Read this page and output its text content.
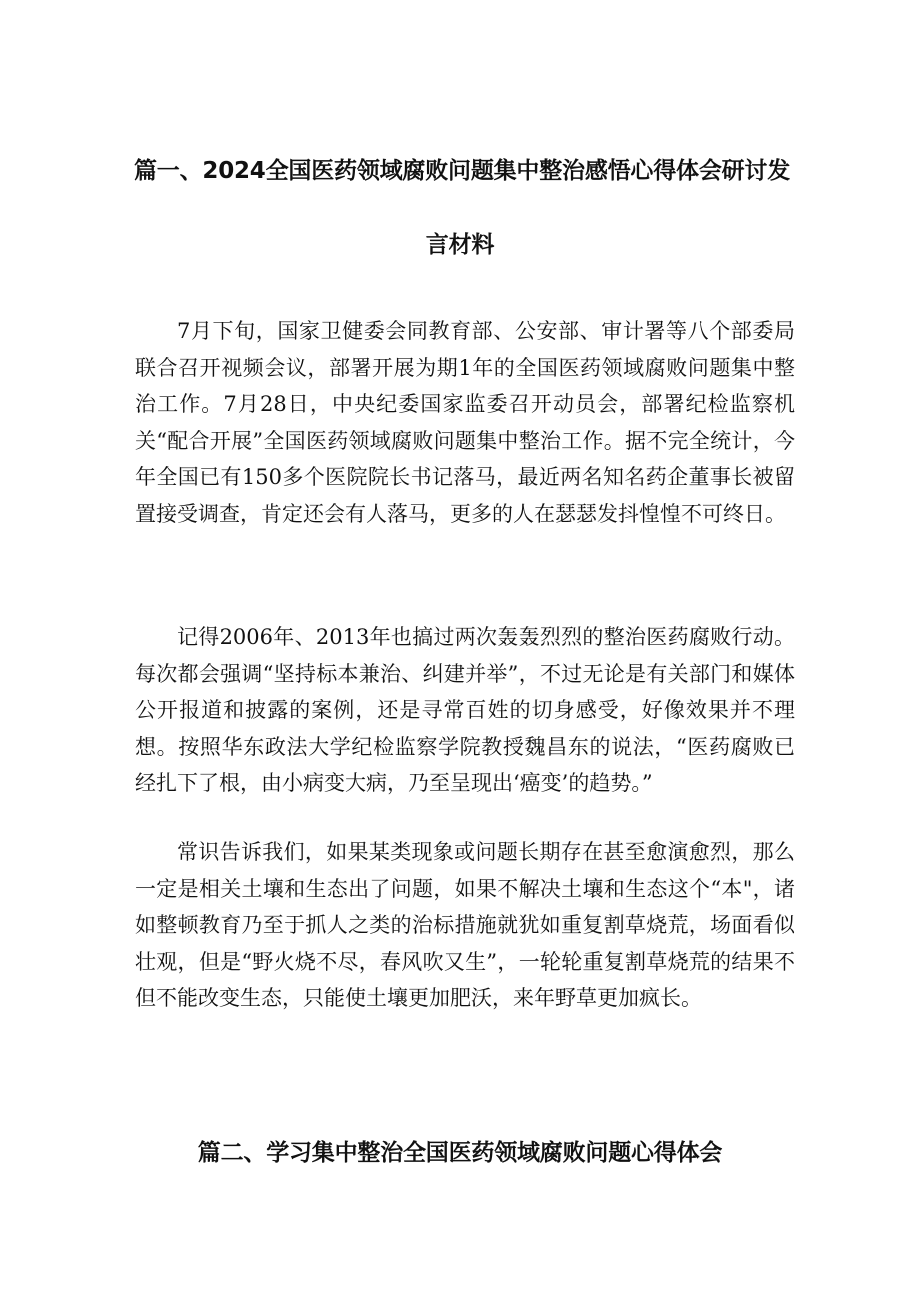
篇一、2024全国医药领域腐败问题集中整治感悟心得体会研讨发
言材料

7月下旬，国家卫健委会同教育部、公安部、审计署等八个部委局联合召开视频会议，部署开展为期1年的全国医药领域腐败问题集中整治工作。7月28日，中央纪委国家监委召开动员会，部署纪检监察机关“配合开展”全国医药领域腐败问题集中整治工作。据不完全统计，今年全国已有150多个医院院长书记落马，最近两名知名药企董事长被留置接受调查，肯定还会有人落马，更多的人在瑟瑟发抖惶惶不可终日。

记得2006年、2013年也搞过两次轰轰烈烈的整治医药腐败行动。每次都会强调“坚持标本兼治、纠建并举”，不过无论是有关部门和媒体公开报道和披露的案例，还是寻常百姓的切身感受，好像效果并不理想。按照华东政法大学纪检监察学院教授魏昌东的说法，“医药腐败已经扎下了根，由小病变大病，乃至呈现出‘癌变’的趋势。”

常识告诉我们，如果某类现象或问题长期存在甚至愈演愈烈，那么一定是相关土壤和生态出了问题，如果不解决土壤和生态这个“本"，诸如整顿教育乃至于抓人之类的治标措施就犹如重复割草烧荒，场面看似壮观，但是“野火烧不尽，春风吹又生”，一轮轮重复割草烧荒的结果不但不能改变生态，只能使土壤更加肥沃，来年野草更加疯长。

篇二、学习集中整治全国医药领域腐败问题心得体会
